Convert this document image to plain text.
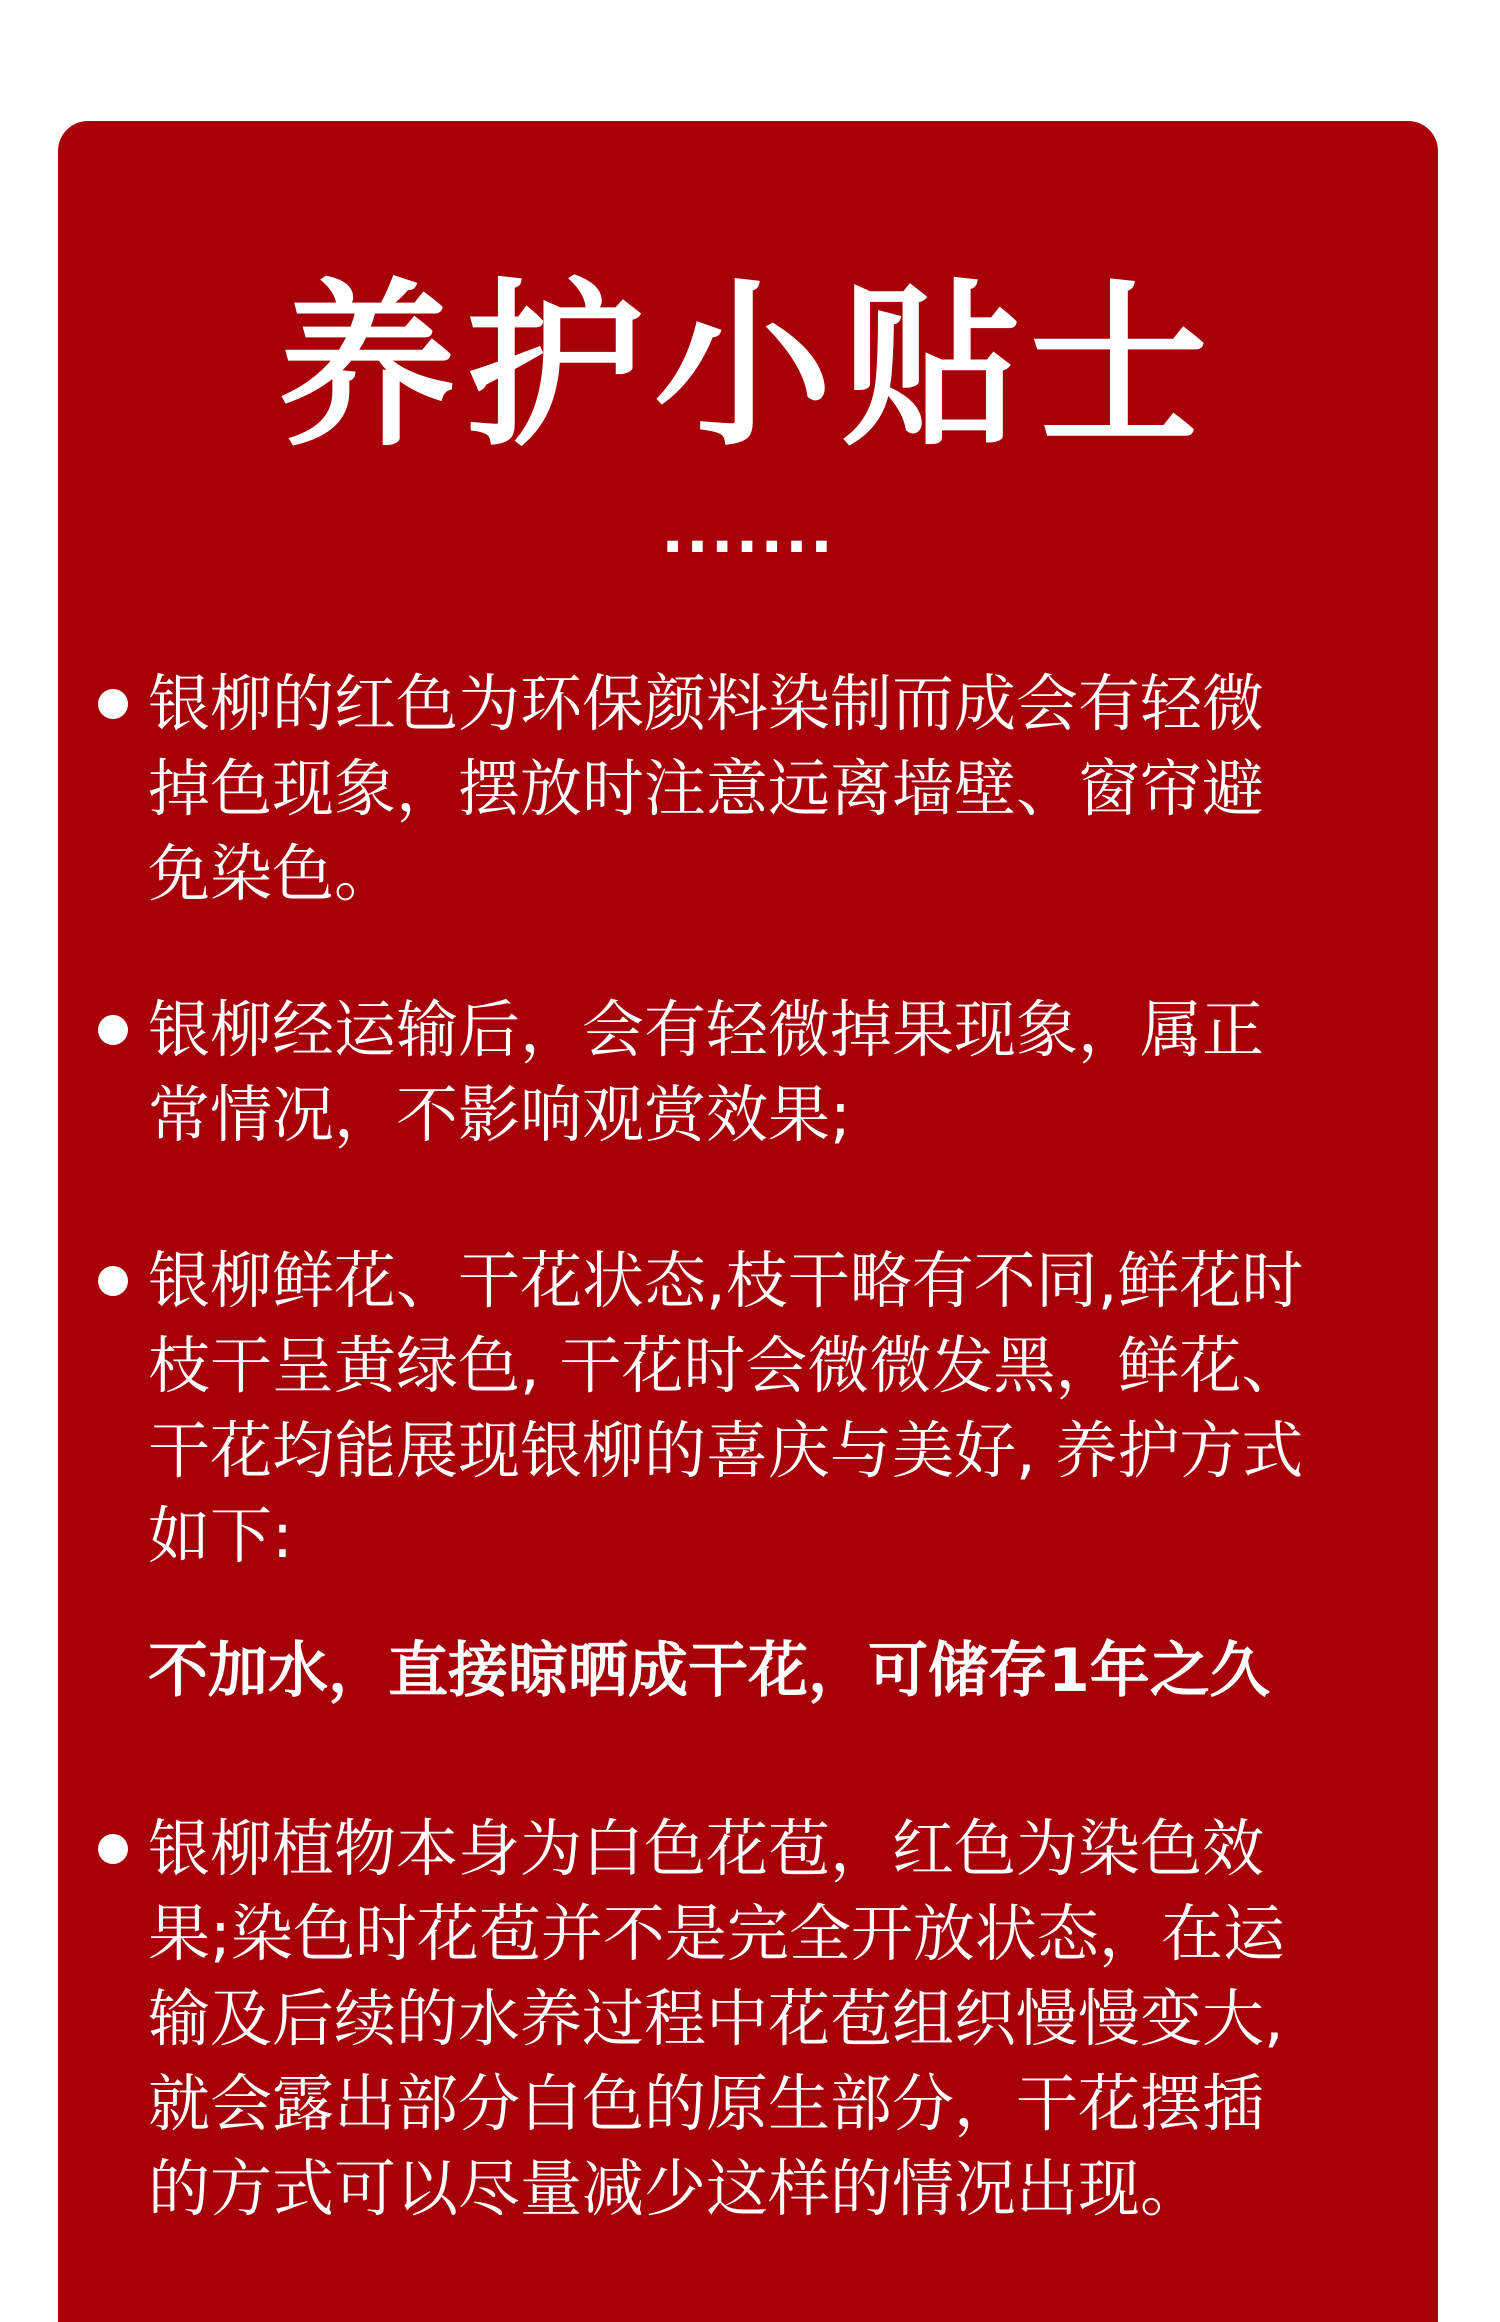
养护小贴士
·······
银柳的红色为环保颜料染制而成会有轻微
掉色现象，摆放时注意远离墙壁、窗帘避
免染色。
银柳经运输后，会有轻微掉果现象，属正
常情况，不影响观赏效果;
银柳鲜花、干花状态,枝干略有不同,鲜花时
枝干呈黄绿色, 干花时会微微发黑，鲜花、
干花均能展现银柳的喜庆与美好, 养护方式
如下:
不加水，直接晾晒成干花，可储存1年之久
银柳植物本身为白色花苞，红色为染色效
果;染色时花苞并不是完全开放状态，在运
输及后续的水养过程中花苞组织慢慢变大,
就会露出部分白色的原生部分，干花摆插
的方式可以尽量减少这样的情况出现。
